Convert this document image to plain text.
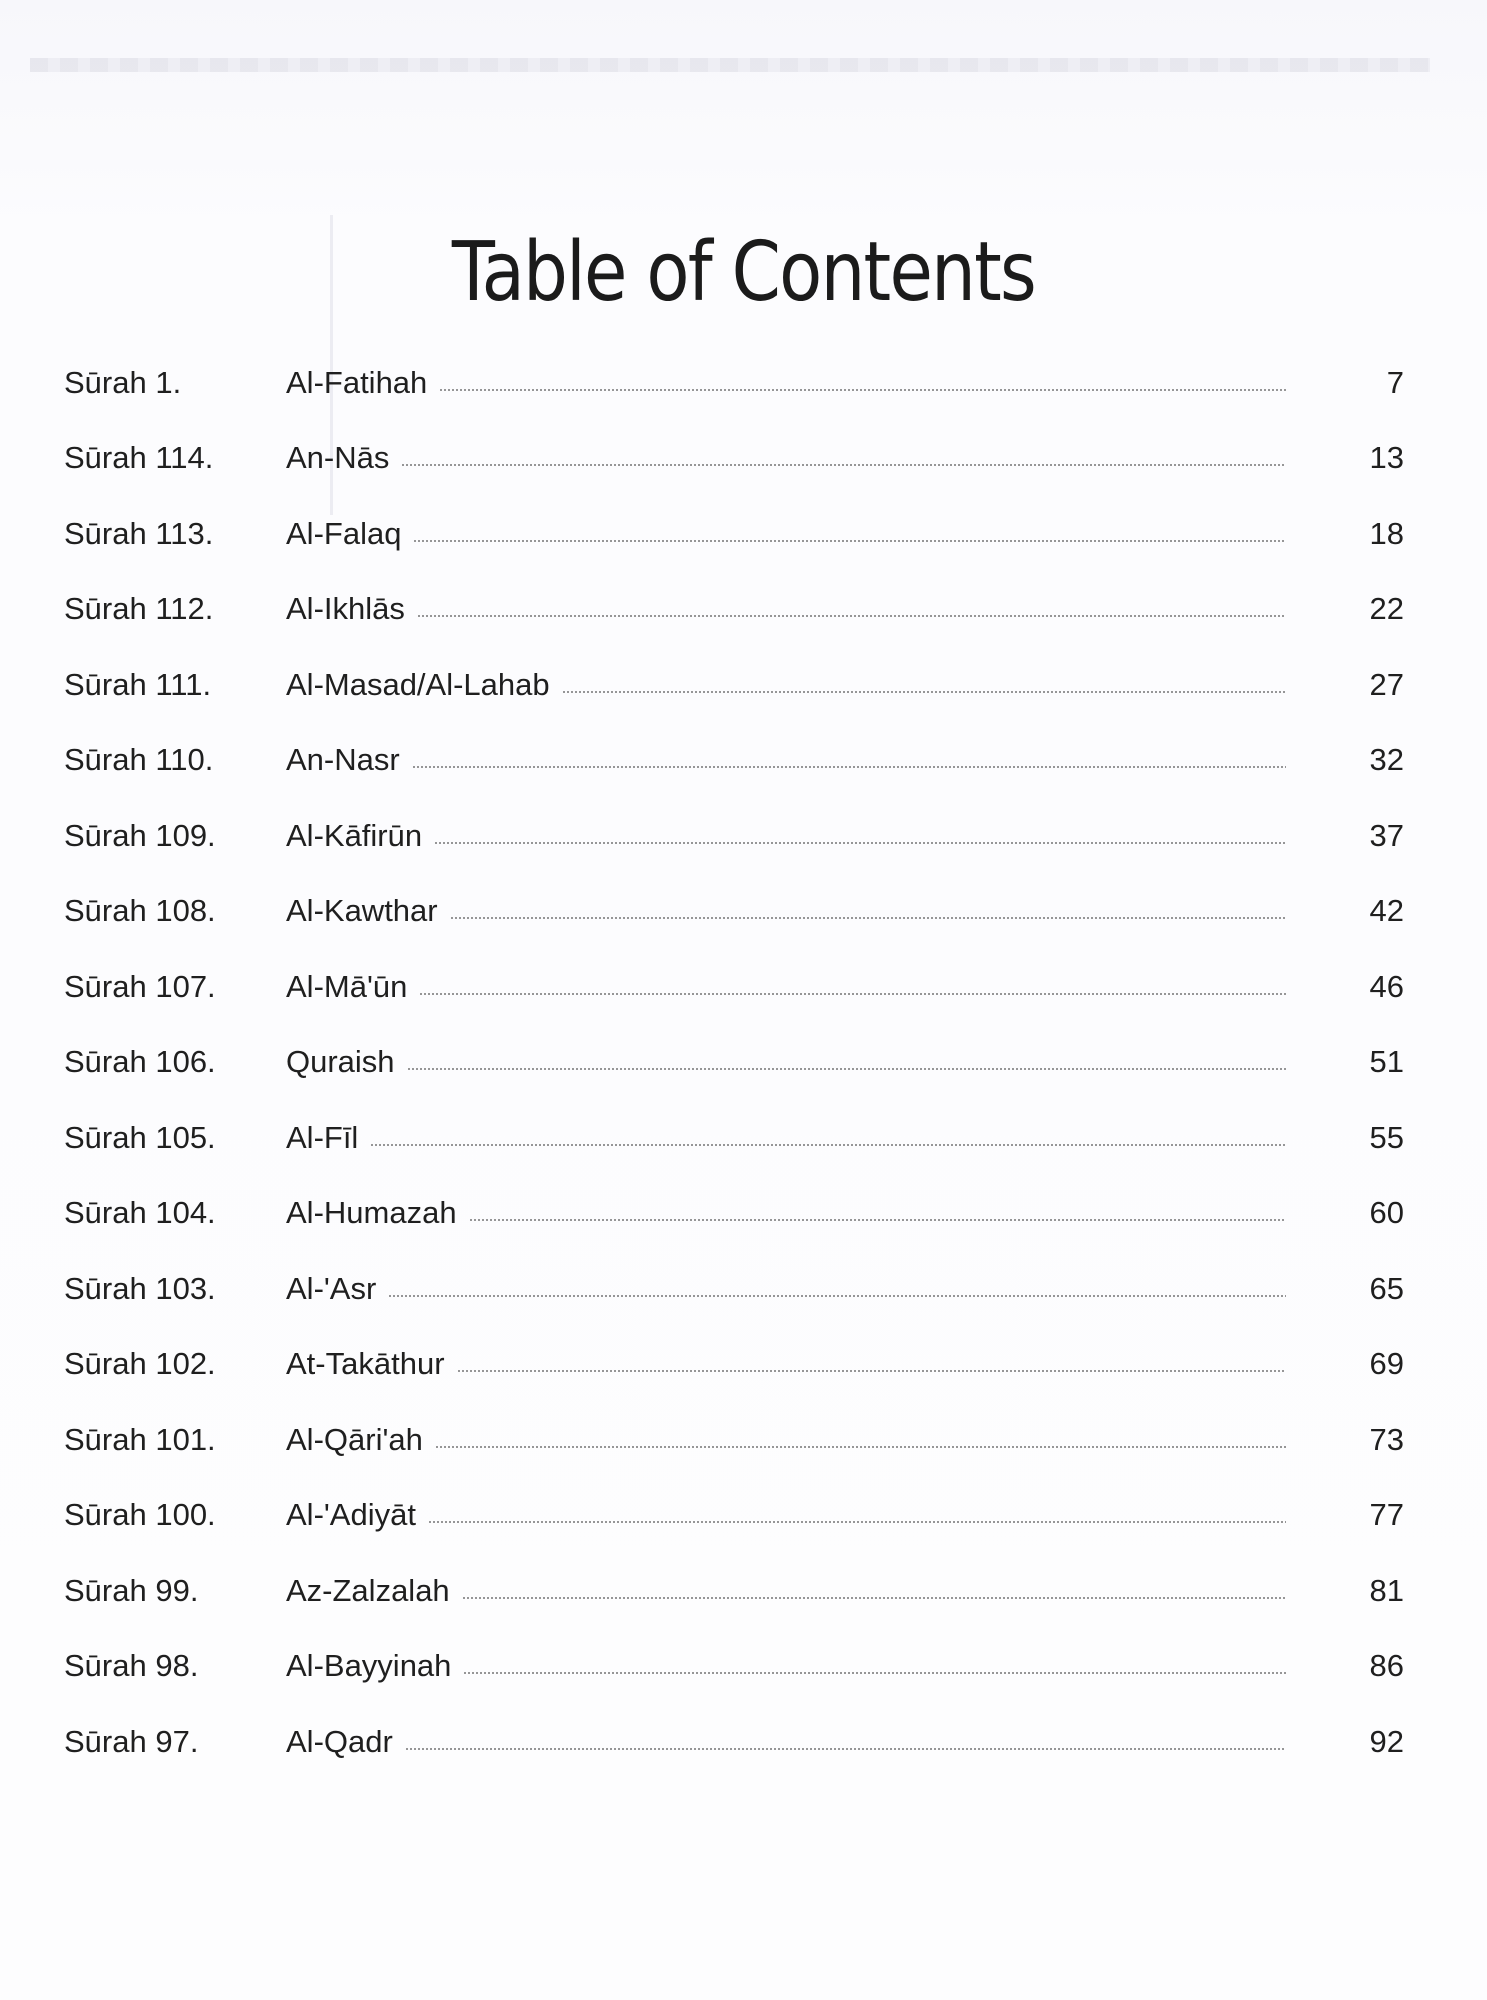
Table of Contents
Sūrah 1.	Al-Fatihah	7
Sūrah 114.	An-Nās	13
Sūrah 113.	Al-Falaq	18
Sūrah 112.	Al-Ikhlās	22
Sūrah 111.	Al-Masad/Al-Lahab	27
Sūrah 110.	An-Nasr	32
Sūrah 109.	Al-Kāfirūn	37
Sūrah 108.	Al-Kawthar	42
Sūrah 107.	Al-Mā'ūn	46
Sūrah 106.	Quraish	51
Sūrah 105.	Al-Fīl	55
Sūrah 104.	Al-Humazah	60
Sūrah 103.	Al-'Asr	65
Sūrah 102.	At-Takāthur	69
Sūrah 101.	Al-Qāri'ah	73
Sūrah 100.	Al-'Adiyāt	77
Sūrah 99.	Az-Zalzalah	81
Sūrah 98.	Al-Bayyinah	86
Sūrah 97.	Al-Qadr	92
